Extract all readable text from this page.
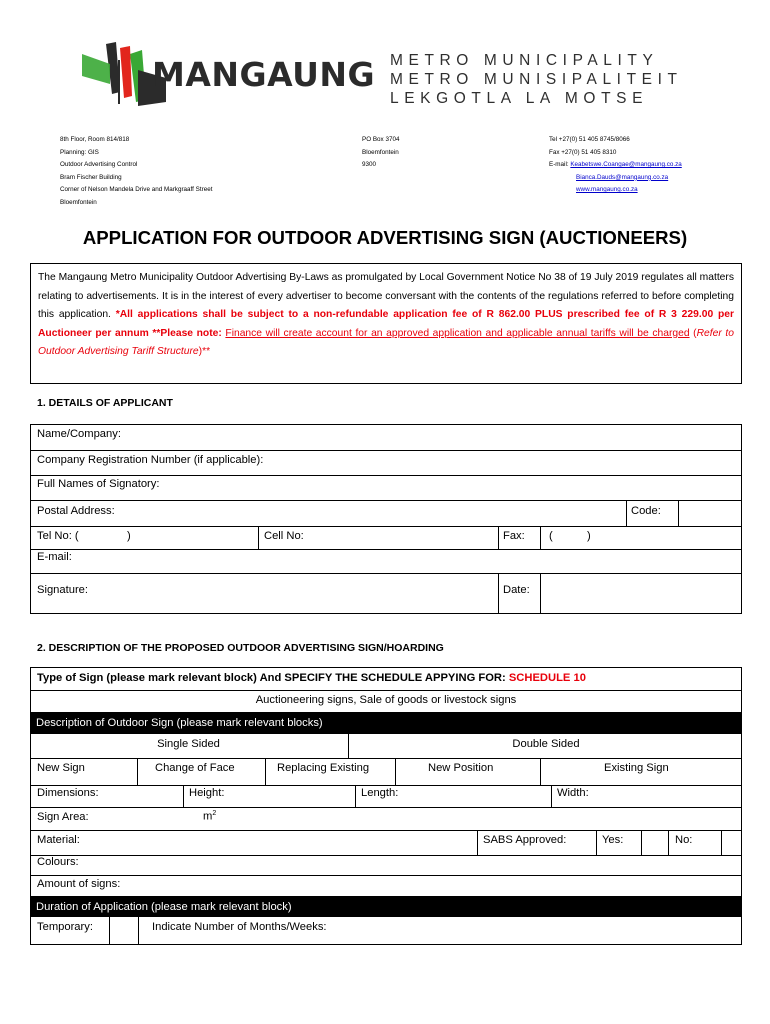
MANGAUNG METRO MUNICIPALITY
METRO MUNISIPALITEIT
LEKGOTLA LA MOTSE
8th Floor, Room 814/818
Planning: GIS
Outdoor Advertising Control
Bram Fischer Building
Corner of Nelson Mandela Drive and Markgraaff Street
Bloemfontein
PO Box 3704
Bloemfontein
9300
Tel +27(0) 51 405 8745/8066
Fax +27(0) 51 405 8310
E-mail: Keabetswe.Coangae@mangaung.co.za
Bianca.Dauds@mangaung.co.za
www.mangaung.co.za
APPLICATION FOR OUTDOOR ADVERTISING SIGN (AUCTIONEERS)
The Mangaung Metro Municipality Outdoor Advertising By-Laws as promulgated by Local Government Notice No 38 of 19 July 2019 regulates all matters relating to advertisements. It is in the interest of every advertiser to become conversant with the contents of the regulations referred to before completing this application. *All applications shall be subject to a non-refundable application fee of R 862.00 PLUS prescribed fee of R 3 229.00 per Auctioneer per annum **Please note: Finance will create account for an approved application and applicable annual tariffs will be charged (Refer to Outdoor Advertising Tariff Structure)**
1. DETAILS OF APPLICANT
Name/Company:
Company Registration Number (if applicable):
Full Names of Signatory:
Postal Address:	Code:
Tel No: (	)	Cell No:	Fax: (	)
E-mail:
Signature:	Date:
2. DESCRIPTION OF THE PROPOSED OUTDOOR ADVERTISING SIGN/HOARDING
Type of Sign (please mark relevant block) And SPECIFY THE SCHEDULE APPYING FOR: SCHEDULE 10
Auctioneering signs, Sale of goods or livestock signs
Description of Outdoor Sign (please mark relevant blocks)
Single Sided	Double Sided
New Sign	Change of Face	Replacing Existing	New Position	Existing Sign
Dimensions:	Height:	Length:	Width:
Sign Area:	$m^2$
Material:	SABS Approved:	Yes:	No:
Colours:
Amount of signs:
Duration of Application (please mark relevant block)
Temporary:	Indicate Number of Months/Weeks:
